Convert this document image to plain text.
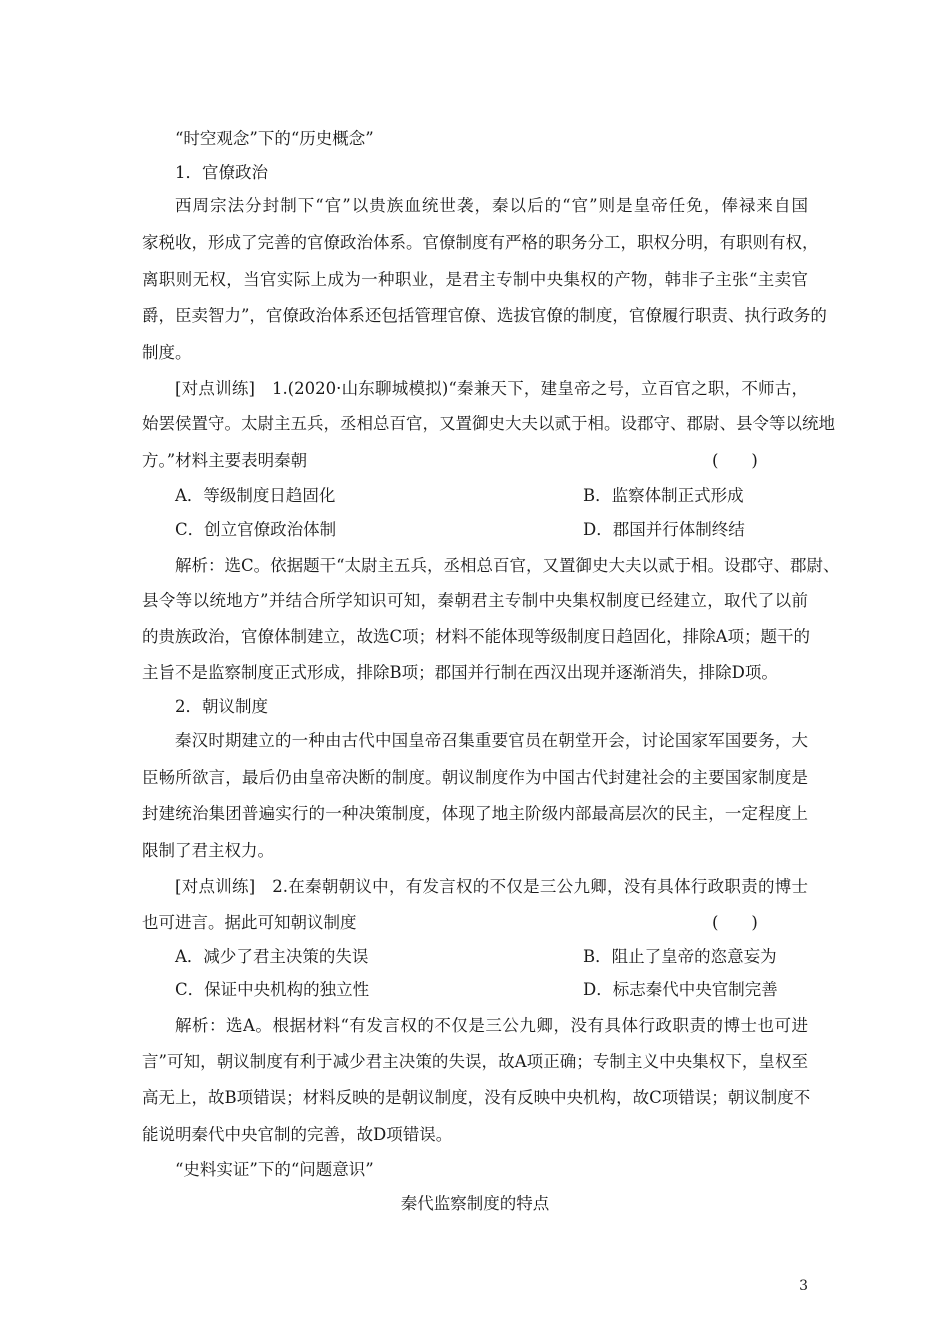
“时空观念”下的“历史概念”
1．官僚政治
西周宗法分封制下“官”以贵族血统世袭，秦以后的“官”则是皇帝任免，俸禄来自国
家税收，形成了完善的官僚政治体系。官僚制度有严格的职务分工，职权分明，有职则有权，
离职则无权，当官实际上成为一种职业，是君主专制中央集权的产物，韩非子主张“主卖官
爵，臣卖智力”，官僚政治体系还包括管理官僚、选拔官僚的制度，官僚履行职责、执行政务的
制度。
[对点训练]　1.(2020·山东聊城模拟)“秦兼天下，建皇帝之号，立百官之职，不师古，
始罢侯置守。太尉主五兵，丞相总百官，又置御史大夫以贰于相。设郡守、郡尉、县令等以统地
方。”材料主要表明秦朝	(　　)
A．等级制度日趋固化	B．监察体制正式形成
C．创立官僚政治体制	D．郡国并行体制终结
解析：选C。依据题干“太尉主五兵，丞相总百官，又置御史大夫以贰于相。设郡守、郡尉、
县令等以统地方”并结合所学知识可知，秦朝君主专制中央集权制度已经建立，取代了以前
的贵族政治，官僚体制建立，故选C项；材料不能体现等级制度日趋固化，排除A项；题干的
主旨不是监察制度正式形成，排除B项；郡国并行制在西汉出现并逐渐消失，排除D项。
2．朝议制度
秦汉时期建立的一种由古代中国皇帝召集重要官员在朝堂开会，讨论国家军国要务，大
臣畅所欲言，最后仍由皇帝决断的制度。朝议制度作为中国古代封建社会的主要国家制度是
封建统治集团普遍实行的一种决策制度，体现了地主阶级内部最高层次的民主，一定程度上
限制了君主权力。
[对点训练]　2.在秦朝朝议中，有发言权的不仅是三公九卿，没有具体行政职责的博士
也可进言。据此可知朝议制度	(　　)
A．减少了君主决策的失误	B．阻止了皇帝的恣意妄为
C．保证中央机构的独立性	D．标志秦代中央官制完善
解析：选A。根据材料“有发言权的不仅是三公九卿，没有具体行政职责的博士也可进
言”可知，朝议制度有利于减少君主决策的失误，故A项正确；专制主义中央集权下，皇权至
高无上，故B项错误；材料反映的是朝议制度，没有反映中央机构，故C项错误；朝议制度不
能说明秦代中央官制的完善，故D项错误。
“史料实证”下的“问题意识”
秦代监察制度的特点
3
